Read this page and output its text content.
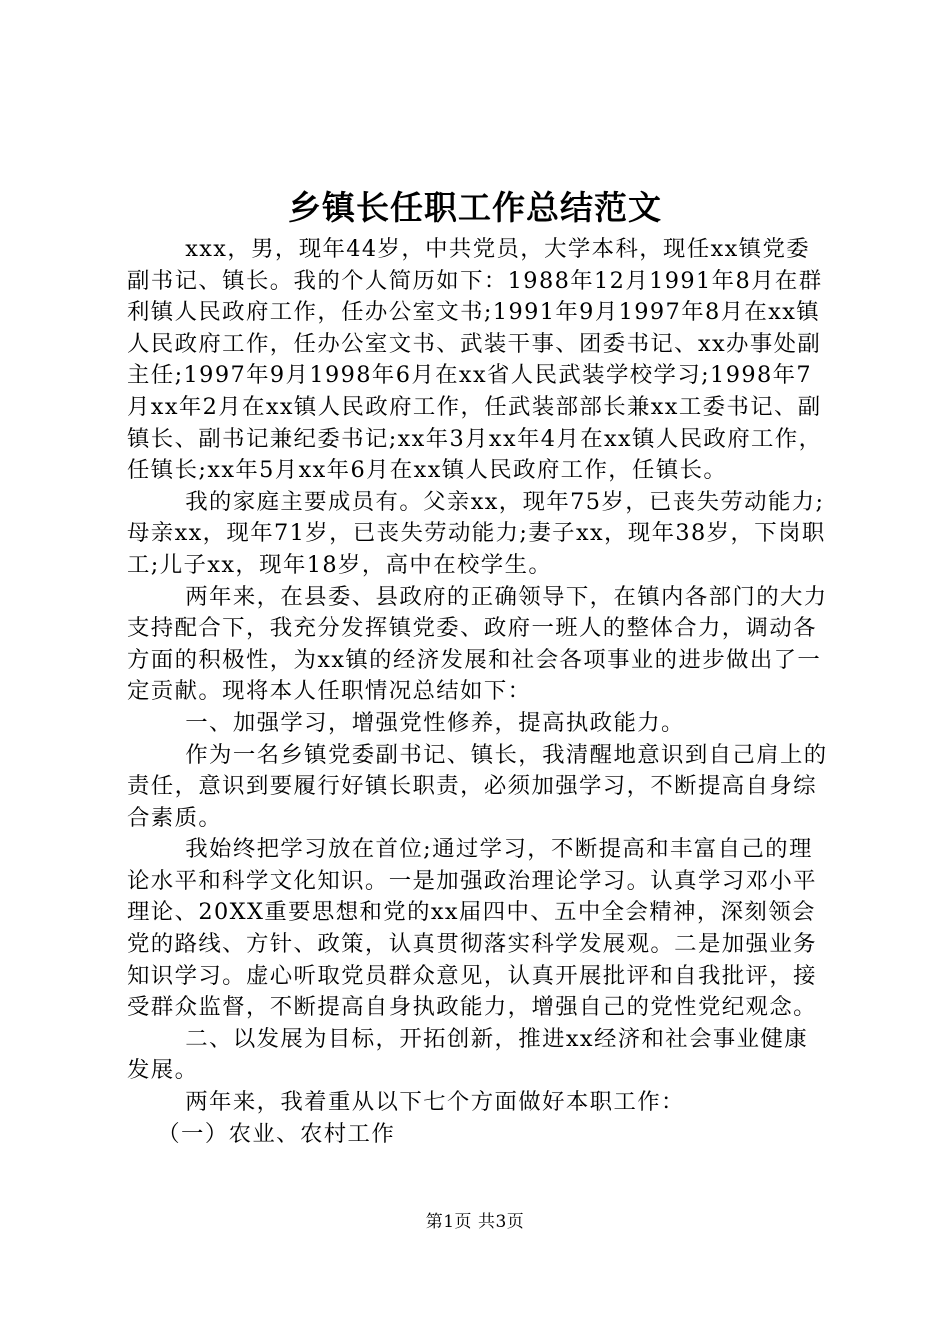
乡镇长任职工作总结范文

xxx，男，现年44岁，中共党员，大学本科，现任xx镇党委副书记、镇长。我的个人简历如下：1988年12月1991年8月在群利镇人民政府工作，任办公室文书;1991年9月1997年8月在xx镇人民政府工作，任办公室文书、武装干事、团委书记、xx办事处副主任;1997年9月1998年6月在xx省人民武装学校学习;1998年7月xx年2月在xx镇人民政府工作，任武装部部长兼xx工委书记、副镇长、副书记兼纪委书记;xx年3月xx年4月在xx镇人民政府工作，任镇长;xx年5月xx年6月在xx镇人民政府工作，任镇长。

我的家庭主要成员有。父亲xx，现年75岁，已丧失劳动能力;母亲xx，现年71岁，已丧失劳动能力;妻子xx，现年38岁，下岗职工;儿子xx，现年18岁，高中在校学生。

两年来，在县委、县政府的正确领导下，在镇内各部门的大力支持配合下，我充分发挥镇党委、政府一班人的整体合力，调动各方面的积极性，为xx镇的经济发展和社会各项事业的进步做出了一定贡献。现将本人任职情况总结如下：

一、加强学习，增强党性修养，提高执政能力。

作为一名乡镇党委副书记、镇长，我清醒地意识到自己肩上的责任，意识到要履行好镇长职责，必须加强学习，不断提高自身综合素质。

我始终把学习放在首位;通过学习，不断提高和丰富自己的理论水平和科学文化知识。一是加强政治理论学习。认真学习邓小平理论、20XX重要思想和党的xx届四中、五中全会精神，深刻领会党的路线、方针、政策，认真贯彻落实科学发展观。二是加强业务知识学习。虚心听取党员群众意见，认真开展批评和自我批评，接受群众监督，不断提高自身执政能力，增强自己的党性党纪观念。

二、以发展为目标，开拓创新，推进xx经济和社会事业健康发展。

两年来，我着重从以下七个方面做好本职工作：

（一）农业、农村工作

第1页 共3页
